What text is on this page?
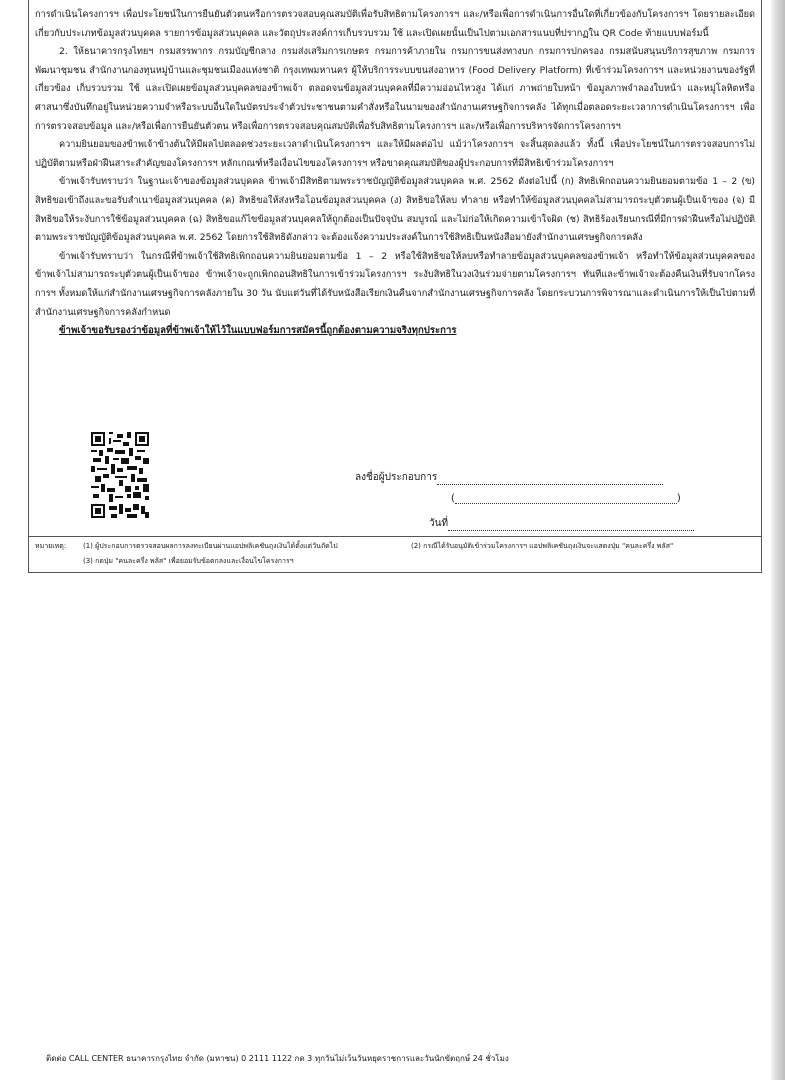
การดำเนินโครงการฯ เพื่อประโยชน์ในการยืนยันตัวตนหรือการตรวจสอบคุณสมบัติเพื่อรับสิทธิตามโครงการฯ และ/หรือเพื่อการดำเนินการอื่นใดที่เกี่ยวข้องกับโครงการฯ โดยรายละเอียดเกี่ยวกับประเภทข้อมูลส่วนบุคคล รายการข้อมูลส่วนบุคคล และวัตถุประสงค์การเก็บรวบรวม ใช้ และเปิดเผยนั้นเป็นไปตามเอกสารแนบที่ปรากฏใน QR Code ท้ายแบบฟอร์มนี้

2. ให้ธนาคารกรุงไทยฯ กรมสรรพากร กรมบัญชีกลาง กรมส่งเสริมการเกษตร กรมการค้าภายใน กรมการขนส่งทางบก กรมการปกครอง กรมสนับสนุนบริการสุขภาพ กรมการพัฒนาชุมชน สำนักงานกองทุนหมู่บ้านและชุมชนเมืองแห่งชาติ กรุงเทพมหานคร ผู้ให้บริการระบบขนส่งอาหาร (Food Delivery Platform) ที่เข้าร่วมโครงการฯ และหน่วยงานของรัฐที่เกี่ยวข้อง เก็บรวบรวม ใช้ และเปิดเผยข้อมูลส่วนบุคคลของข้าพเจ้า ตลอดจนข้อมูลส่วนบุคคลที่มีความอ่อนไหวสูง ได้แก่ ภาพถ่ายใบหน้า ข้อมูลภาพจำลองใบหน้า และหมู่โลหิตหรือศาสนาซึ่งบันทึกอยู่ในหน่วยความจำหรือระบบอื่นใดในบัตรประจำตัวประชาชนตามคำสั่งหรือในนามของสำนักงานเศรษฐกิจการคลัง ได้ทุกเมื่อตลอดระยะเวลาการดำเนินโครงการฯ เพื่อการตรวจสอบข้อมูล และ/หรือเพื่อการยืนยันตัวตน หรือเพื่อการตรวจสอบคุณสมบัติเพื่อรับสิทธิตามโครงการฯ และ/หรือเพื่อการบริหารจัดการโครงการฯ

ความยินยอมของข้าพเจ้าข้างต้นให้มีผลไปตลอดช่วงระยะเวลาดำเนินโครงการฯ และให้มีผลต่อไป แม้ว่าโครงการฯ จะสิ้นสุดลงแล้ว ทั้งนี้ เพื่อประโยชน์ในการตรวจสอบการไม่ปฏิบัติตามหรือฝ่าฝืนสาระสำคัญของโครงการฯ หลักเกณฑ์หรือเงื่อนไขของโครงการฯ หรือขาดคุณสมบัติของผู้ประกอบการที่มีสิทธิเข้าร่วมโครงการฯ

ข้าพเจ้ารับทราบว่า ในฐานะเจ้าของข้อมูลส่วนบุคคล ข้าพเจ้ามีสิทธิตามพระราชบัญญัติข้อมูลส่วนบุคคล พ.ศ. 2562 ดังต่อไปนี้ (ก) สิทธิเพิกถอนความยินยอมตามข้อ 1 – 2 (ข) สิทธิขอเข้าถึงและขอรับสำเนาข้อมูลส่วนบุคคล (ค) สิทธิขอให้ส่งหรือโอนข้อมูลส่วนบุคคล (ง) สิทธิขอให้ลบ ทำลาย หรือทำให้ข้อมูลส่วนบุคคลไม่สามารถระบุตัวตนผู้เป็นเจ้าของ (จ) มีสิทธิขอให้ระงับการใช้ข้อมูลส่วนบุคคล (ฉ) สิทธิขอแก้ไขข้อมูลส่วนบุคคลให้ถูกต้องเป็นปัจจุบัน สมบูรณ์ และไม่ก่อให้เกิดความเข้าใจผิด (ช) สิทธิร้องเรียนกรณีที่มีการฝ่าฝืนหรือไม่ปฏิบัติตามพระราชบัญญัติข้อมูลส่วนบุคคล พ.ศ. 2562 โดยการใช้สิทธิดังกล่าว จะต้องแจ้งความประสงค์ในการใช้สิทธิเป็นหนังสือมายังสำนักงานเศรษฐกิจการคลัง

ข้าพเจ้ารับทราบว่า ในกรณีที่ข้าพเจ้าใช้สิทธิเพิกถอนความยินยอมตามข้อ 1 – 2 หรือใช้สิทธิขอให้ลบหรือทำลายข้อมูลส่วนบุคคลของข้าพเจ้า หรือทำให้ข้อมูลส่วนบุคคลของข้าพเจ้าไม่สามารถระบุตัวตนผู้เป็นเจ้าของ ข้าพเจ้าจะถูกเพิกถอนสิทธิในการเข้าร่วมโครงการฯ ระงับสิทธิในวงเงินร่วมจ่ายตามโครงการฯ ทันทีและข้าพเจ้าจะต้องคืนเงินที่รับจากโครงการฯ ทั้งหมดให้แก่สำนักงานเศรษฐกิจการคลังภายใน 30 วัน นับแต่วันที่ได้รับหนังสือเรียกเงินคืนจากสำนักงานเศรษฐกิจการคลัง โดยกระบวนการพิจารณาและดำเนินการให้เป็นไปตามที่สำนักงานเศรษฐกิจการคลังกำหนด

ข้าพเจ้าขอรับรองว่าข้อมูลที่ข้าพเจ้าให้ไว้ในแบบฟอร์มการสมัครนี้ถูกต้องตามความจริงทุกประการ

ลงชื่อผู้ประกอบการ
(	)
วันที่
หมายเหตุ: (1) ผู้ประกอบการตรวจสอบผลการลงทะเบียนผ่านแอปพลิเคชันถุงเงินได้ตั้งแต่วันถัดไป	(2) กรณีได้รับอนุมัติเข้าร่วมโครงการฯ แอปพลิเคชันถุงเงินจะแสดงปุ่ม "คนละครึ่ง พลัส"
(3) กดปุ่ม "คนละครึ่ง พลัส" เพื่อยอมรับข้อตกลงและเงื่อนไขโครงการฯ
ติดต่อ CALL CENTER ธนาคารกรุงไทย จำกัด (มหาชน) 0 2111 1122 กด 3 ทุกวันไม่เว้นวันหยุดราชการและวันนักขัตฤกษ์ 24 ชั่วโมง
